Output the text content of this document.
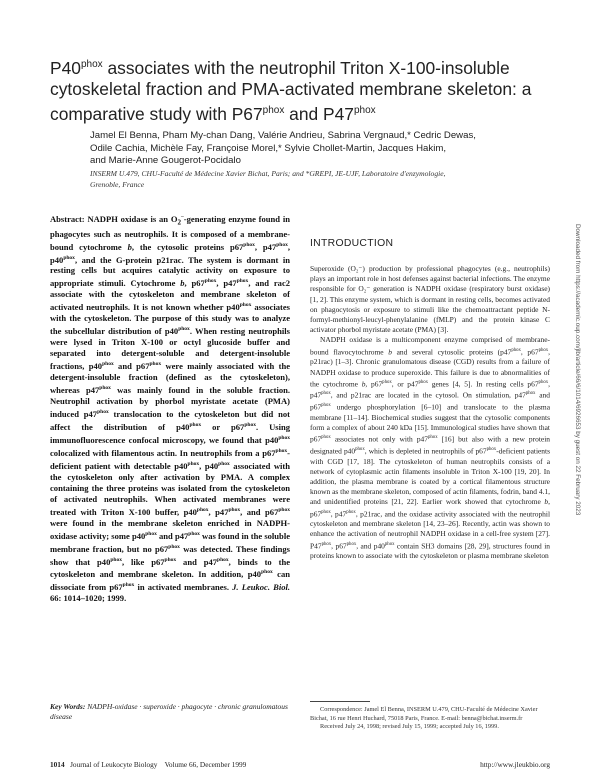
$P40^{phox}$ associates with the neutrophil Triton X-100-insoluble cytoskeletal fraction and PMA-activated membrane skeleton: a comparative study with $P67^{phox}$ and $P47^{phox}$
Jamel El Benna, Pham My-chan Dang, Valérie Andrieu, Sabrina Vergnaud,* Cedric Dewas,
Odile Cachia, Michèle Fay, Françoise Morel,* Sylvie Chollet-Martin, Jacques Hakim,
and Marie-Anne Gougerot-Pocidalo
INSERM U.479, CHU-Faculté de Médecine Xavier Bichat, Paris; and *GREPI, JE-UJF, Laboratoire d'enzymologie,
Grenoble, France
Abstract: NADPH oxidase is an $O_2^-$-generating enzyme found in phagocytes such as neutrophils. It is composed of a membrane-bound cytochrome b, the cytosolic proteins $p67^{phox}$, $p47^{phox}$, $p40^{phox}$, and the G-protein p21rac. The system is dormant in resting cells but acquires catalytic activity on exposure to appropriate stimuli. Cytochrome b, $p67^{phox}$, $p47^{phox}$, and rac2 associate with the cytoskeleton and membrane skeleton of activated neutrophils. It is not known whether $p40^{phox}$ associates with the cytoskeleton. The purpose of this study was to analyze the subcellular distribution of $p40^{phox}$. When resting neutrophils were lysed in Triton X-100 or octyl glucoside buffer and separated into detergent-soluble and detergent-insoluble fractions, $p40^{phox}$ and $p67^{phox}$ were mainly associated with the detergent-insoluble fraction (defined as the cytoskeleton), whereas $p47^{phox}$ was mainly found in the soluble fraction. Neutrophil activation by phorbol myristate acetate (PMA) induced $p47^{phox}$ translocation to the cytoskeleton but did not affect the distribution of $p40^{phox}$ or $p67^{phox}$. Using immunofluorescence confocal microscopy, we found that $p40^{phox}$ colocalized with filamentous actin. In neutrophils from a $p67^{phox}$-deficient patient with detectable $p40^{phox}$, $p40^{phox}$ associated with the cytoskeleton only after activation by PMA. A complex containing the three proteins was isolated from the cytoskeleton of activated neutrophils. When activated membranes were treated with Triton X-100 buffer, $p40^{phox}$, $p47^{phox}$, and $p67^{phox}$ were found in the membrane skeleton enriched in NADPH-oxidase activity; some $p40^{phox}$ and $p47^{phox}$ was found in the soluble membrane fraction, but no $p67^{phox}$ was detected. These findings show that $p40^{phox}$, like $p67^{phox}$ and $p47^{phox}$, binds to the cytoskeleton and membrane skeleton. In addition, $p40^{phox}$ can dissociate from $p67^{phox}$ in activated membranes. J. Leukoc. Biol. 66: 1014–1020; 1999.
Key Words: NADPH-oxidase · superoxide · phagocyte · chronic granulomatous disease
INTRODUCTION

Superoxide (O₂⁻) production by professional phagocytes (e.g., neutrophils) plays an important role in host defenses against bacterial infections. The enzyme responsible for O₂⁻ generation is NADPH oxidase (respiratory burst oxidase) [1, 2]. This enzyme system, which is dormant in resting cells, becomes activated on phagocytosis or exposure to stimuli like the chemoattractant peptide N-formyl-methionyl-leucyl-phenylalanine (fMLP) and the protein kinase C activator phorbol myristate acetate (PMA) [3].

NADPH oxidase is a multicomponent enzyme comprised of membrane-bound flavocytochrome b and several cytosolic proteins ($p47^{phox}$, $p67^{phox}$, p21rac) [1–3]. Chronic granulomatous disease (CGD) results from a failure of NADPH oxidase to produce superoxide. This failure is due to abnormalities of the cytochrome b, $p67^{phox}$, or $p47^{phox}$ genes [4, 5]. In resting cells $p67^{phox}$, $p47^{phox}$, and p21rac are located in the cytosol. On stimulation, $p47^{phox}$ and $p67^{phox}$ undergo phosphorylation [6–10] and translocate to the plasma membrane [11–14]. Biochemical studies suggest that the cytosolic components form a complex of about 240 kDa [15]. Immunological studies have shown that $p67^{phox}$ associates not only with $p47^{phox}$ [16] but also with a new protein designated $p40^{phox}$, which is depleted in neutrophils of $p67^{phox}$-deficient patients with CGD [17, 18]. The cytoskeleton of human neutrophils consists of a network of cytoplasmic actin filaments insoluble in Triton X-100 [19, 20]. In addition, the plasma membrane is coated by a cortical filamentous structure known as the membrane skeleton, composed of actin filaments, fodrin, band 4.1, and unidentified proteins [21, 22]. Earlier work showed that cytochrome b, $p67^{phox}$, $p47^{phox}$, p21rac, and the oxidase activity associated with the neutrophil cytoskeleton and membrane skeleton [14, 23–26]. Recently, actin was shown to enhance the activation of neutrophil NADPH oxidase in a cell-free system [27]. $P47^{phox}$, $p67^{phox}$, and $p40^{phox}$ contain SH3 domains [28, 29], structures found in proteins known to associate with the cytoskeleton or plasma membrane skeleton

Correspondence: Jamel El Benna, INSERM U.479, CHU-Faculté de Médecine Xavier Bichat, 16 rue Henri Huchard, 75018 Paris, France. E-mail: benna@bichat.inserm.fr

Received July 24, 1998; revised July 15, 1999; accepted July 16, 1999.

1014 Journal of Leukocyte Biology Volume 66, December 1999	http://www.jleukbio.org
Downloaded from https://academic.oup.com/jlb/article/66/6/1014/6926653 by guest on 22 February 2023
